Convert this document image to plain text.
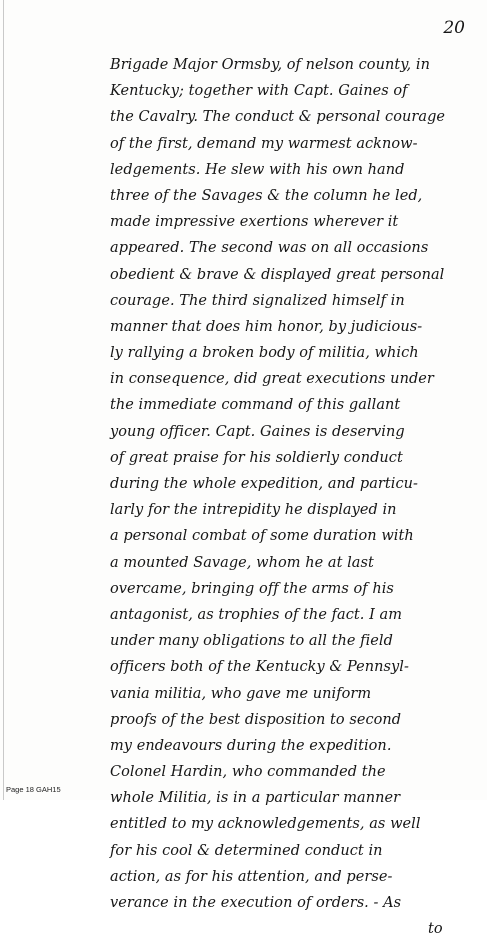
20
Brigade Major Ormsby, of nelson county, in
Kentucky; together with Capt. Gaines of
the Cavalry. The conduct & personal courage
of the first, demand my warmest acknow-
ledgements. He slew with his own hand
three of the Savages & the column he led,
made impressive exertions wherever it
appeared. The second was on all occasions
obedient & brave & displayed great personal
courage. The third signalized himself in
manner that does him honor, by judicious-
ly rallying a broken body of militia, which
in consequence, did great executions under
the immediate command of this gallant
young officer. Capt. Gaines is deserving
of great praise for his soldierly conduct
during the whole expedition, and particu-
larly for the intrepidity he displayed in
a personal combat of some duration with
a mounted Savage, whom he at last
overcame, bringing off the arms of his
antagonist, as trophies of the fact. I am
under many obligations to all the field
officers both of the Kentucky & Pennsyl-
vania militia, who gave me uniform
proofs of the best disposition to second
my endeavours during the expedition.
Colonel Hardin, who commanded the
whole Militia, is in a particular manner
entitled to my acknowledgements, as well
for his cool & determined conduct in
action, as for his attention, and perse-
verance in the execution of orders. - As
to
Page 18 GAH15
